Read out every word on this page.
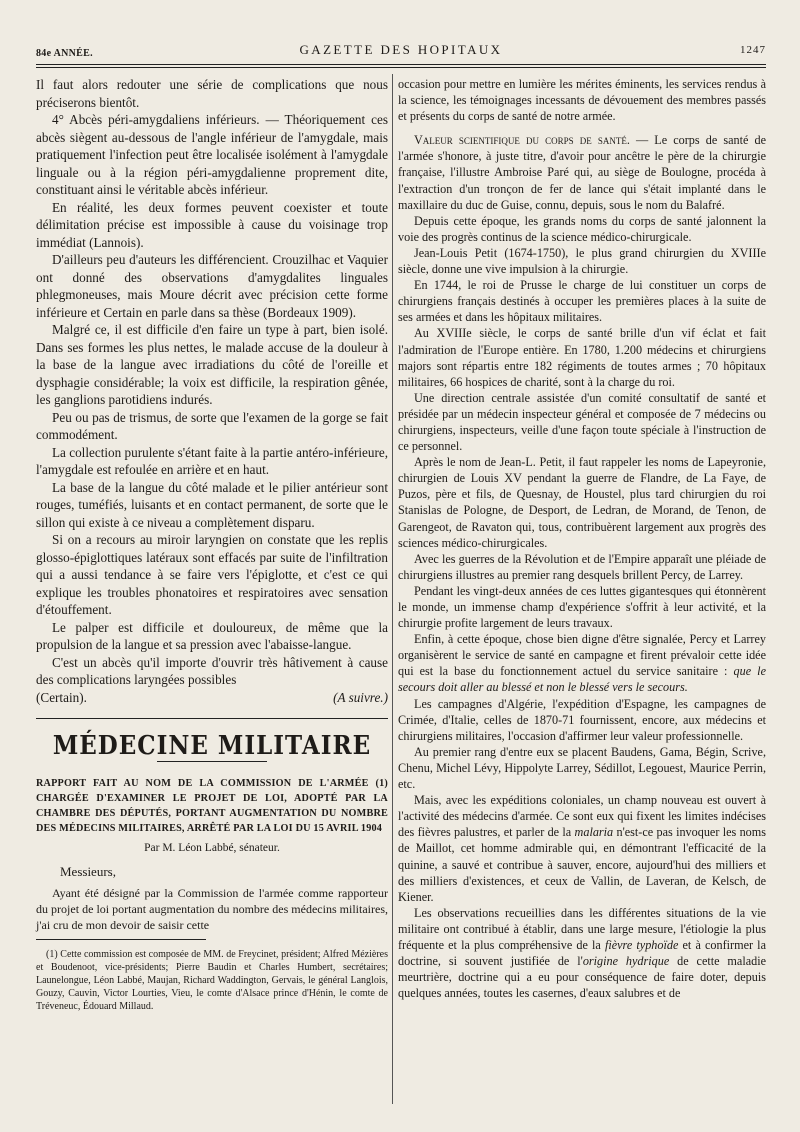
84e ANNÉE.	GAZETTE DES HOPITAUX	1247

Il faut alors redouter une série de complications que nous préciserons bientôt.

4° Abcès péri-amygdaliens inférieurs. — Théoriquement ces abcès siègent au-dessous de l'angle inférieur de l'amygdale, mais pratiquement l'infection peut être localisée isolément à l'amygdale linguale ou à la région péri-amygdalienne proprement dite, constituant ainsi le véritable abcès inférieur.

En réalité, les deux formes peuvent coexister et toute délimitation précise est impossible à cause du voisinage trop immédiat (Lannois).

D'ailleurs peu d'auteurs les différencient. Crouzilhac et Vaquier ont donné des observations d'amygdalites linguales phlegmoneuses, mais Moure décrit avec précision cette forme inférieure et Certain en parle dans sa thèse (Bordeaux 1909).

Malgré ce, il est difficile d'en faire un type à part, bien isolé. Dans ses formes les plus nettes, le malade accuse de la douleur à la base de la langue avec irradiations du côté de l'oreille et dysphagie considérable; la voix est difficile, la respiration gênée, les ganglions parotidiens indurés.

Peu ou pas de trismus, de sorte que l'examen de la gorge se fait commodément.

La collection purulente s'étant faite à la partie antéro-inférieure, l'amygdale est refoulée en arrière et en haut.

La base de la langue du côté malade et le pilier antérieur sont rouges, tuméfiés, luisants et en contact permanent, de sorte que le sillon qui existe à ce niveau a complètement disparu.

Si on a recours au miroir laryngien on constate que les replis glosso-épiglottiques latéraux sont effacés par suite de l'infiltration qui a aussi tendance à se faire vers l'épiglotte, et c'est ce qui explique les troubles phonatoires et respiratoires avec sensation d'étouffement.

Le palper est difficile et douloureux, de même que la propulsion de la langue et sa pression avec l'abaisse-langue.

C'est un abcès qu'il importe d'ouvrir très hâtivement à cause des complications laryngées possibles

(Certain).	(A suivre.)

MÉDECINE MILITAIRE

RAPPORT FAIT AU NOM DE LA COMMISSION DE L'ARMÉE (1) CHARGÉE D'EXAMINER LE PROJET DE LOI, ADOPTÉ PAR LA CHAMBRE DES DÉPUTÉS, PORTANT AUGMENTATION DU NOMBRE DES MÉDECINS MILITAIRES, ARRÊTÉ PAR LA LOI DU 15 AVRIL 1904

Par M. Léon Labbé, sénateur.

Messieurs,

Ayant été désigné par la Commission de l'armée comme rapporteur du projet de loi portant augmentation du nombre des médecins militaires, j'ai cru de mon devoir de saisir cette

(1) Cette commission est composée de MM. de Freycinet, président; Alfred Mézières et Boudenoot, vice-présidents; Pierre Baudin et Charles Humbert, secrétaires; Launelongue, Léon Labbé, Maujan, Richard Waddington, Gervais, le général Langlois, Gouzy, Cauvin, Victor Lourties, Vieu, le comte d'Alsace prince d'Hénin, le comte de Tréveneuc, Édouard Millaud.

occasion pour mettre en lumière les mérites éminents, les services rendus à la science, les témoignages incessants de dévouement des membres passés et présents du corps de santé de notre armée.

Valeur scientifique du corps de santé. — Le corps de santé de l'armée s'honore, à juste titre, d'avoir pour ancêtre le père de la chirurgie française, l'illustre Ambroise Paré qui, au siège de Boulogne, procéda à l'extraction d'un tronçon de fer de lance qui s'était implanté dans le maxillaire du duc de Guise, connu, depuis, sous le nom du Balafré.

Depuis cette époque, les grands noms du corps de santé jalonnent la voie des progrès continus de la science médico-chirurgicale.

Jean-Louis Petit (1674-1750), le plus grand chirurgien du XVIIIe siècle, donne une vive impulsion à la chirurgie.

En 1744, le roi de Prusse le charge de lui constituer un corps de chirurgiens français destinés à occuper les premières places à la suite de ses armées et dans les hôpitaux militaires.

Au XVIIIe siècle, le corps de santé brille d'un vif éclat et fait l'admiration de l'Europe entière. En 1780, 1.200 médecins et chirurgiens majors sont répartis entre 182 régiments de toutes armes ; 70 hôpitaux militaires, 66 hospices de charité, sont à la charge du roi.

Une direction centrale assistée d'un comité consultatif de santé et présidée par un médecin inspecteur général et composée de 7 médecins ou chirurgiens, inspecteurs, veille d'une façon toute spéciale à l'instruction de ce personnel.

Après le nom de Jean-L. Petit, il faut rappeler les noms de Lapeyronie, chirurgien de Louis XV pendant la guerre de Flandre, de La Faye, de Puzos, père et fils, de Quesnay, de Houstel, plus tard chirurgien du roi Stanislas de Pologne, de Desport, de Ledran, de Morand, de Tenon, de Garengeot, de Ravaton qui, tous, contribuèrent largement aux progrès des sciences médico-chirurgicales.

Avec les guerres de la Révolution et de l'Empire apparaît une pléiade de chirurgiens illustres au premier rang desquels brillent Percy, de Larrey.

Pendant les vingt-deux années de ces luttes gigantesques qui étonnèrent le monde, un immense champ d'expérience s'offrit à leur activité, et la chirurgie profite largement de leurs travaux.

Enfin, à cette époque, chose bien digne d'être signalée, Percy et Larrey organisèrent le service de santé en campagne et firent prévaloir cette idée qui est la base du fonctionnement actuel du service sanitaire : que le secours doit aller au blessé et non le blessé vers le secours.

Les campagnes d'Algérie, l'expédition d'Espagne, les campagnes de Crimée, d'Italie, celles de 1870-71 fournissent, encore, aux médecins et chirurgiens militaires, l'occasion d'affirmer leur valeur professionnelle.

Au premier rang d'entre eux se placent Baudens, Gama, Bégin, Scrive, Chenu, Michel Lévy, Hippolyte Larrey, Sédillot, Legouest, Maurice Perrin, etc.

Mais, avec les expéditions coloniales, un champ nouveau est ouvert à l'activité des médecins d'armée. Ce sont eux qui fixent les limites indécises des fièvres palustres, et parler de la malaria n'est-ce pas invoquer les noms de Maillot, cet homme admirable qui, en démontrant l'efficacité de la quinine, a sauvé et contribue à sauver, encore, aujourd'hui des milliers et des milliers d'existences, et ceux de Vallin, de Laveran, de Kelsch, de Kiener.

Les observations recueillies dans les différentes situations de la vie militaire ont contribué à établir, dans une large mesure, l'étiologie la plus fréquente et la plus compréhensive de la fièvre typhoïde et à confirmer la doctrine, si souvent justifiée de l'origine hydrique de cette maladie meurtrière, doctrine qui a eu pour conséquence de faire doter, depuis quelques années, toutes les casernes, d'eaux salubres et de
